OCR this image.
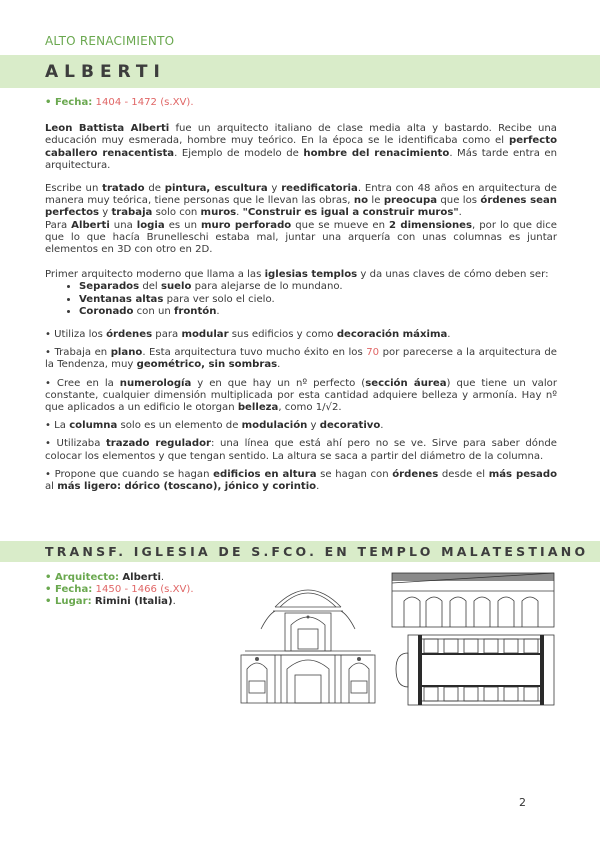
ALTO RENACIMIENTO
ALBERTI

• Fecha: 1404 - 1472 (s.XV).

Leon Battista Alberti fue un arquitecto italiano de clase media alta y bastardo. Recibe una educación muy esmerada, hombre muy teórico. En la época se le identificaba como el perfecto caballero renacentista. Ejemplo de modelo de hombre del renacimiento. Más tarde entra en arquitectura.

Escribe un tratado de pintura, escultura y reedificatoria. Entra con 48 años en arquitectura de manera muy teórica, tiene personas que le llevan las obras, no le preocupa que los órdenes sean perfectos y trabaja solo con muros. "Construir es igual a construir muros".

Para Alberti una logia es un muro perforado que se mueve en 2 dimensiones, por lo que dice que lo que hacía Brunelleschi estaba mal, juntar una arquería con unas columnas es juntar elementos en 3D con otro en 2D.

Primer arquitecto moderno que llama a las iglesias templos y da unas claves de cómo deben ser:

• Separados del suelo para alejarse de lo mundano.
• Ventanas altas para ver solo el cielo.
• Coronado con un frontón.

• Utiliza los órdenes para modular sus edificios y como decoración máxima.

• Trabaja en plano. Esta arquitectura tuvo mucho éxito en los 70 por parecerse a la arquitectura de la Tendenza, muy geométrico, sin sombras.

• Cree en la numerología y en que hay un nº perfecto (sección áurea) que tiene un valor constante, cualquier dimensión multiplicada por esta cantidad adquiere belleza y armonía. Hay nº que aplicados a un edificio le otorgan belleza, como 1/√2.

• La columna solo es un elemento de modulación y decorativo.

• Utilizaba trazado regulador: una línea que está ahí pero no se ve. Sirve para saber dónde colocar los elementos y que tengan sentido. La altura se saca a partir del diámetro de la columna.

• Propone que cuando se hagan edificios en altura se hagan con órdenes desde el más pesado al más ligero: dórico (toscano), jónico y corintio.

TRANSF. IGLESIA DE S.FCO. EN TEMPLO MALATESTIANO
• Arquitecto: Alberti.
• Fecha: 1450 - 1466 (s.XV).
• Lugar: Rimini (Italia).
2
